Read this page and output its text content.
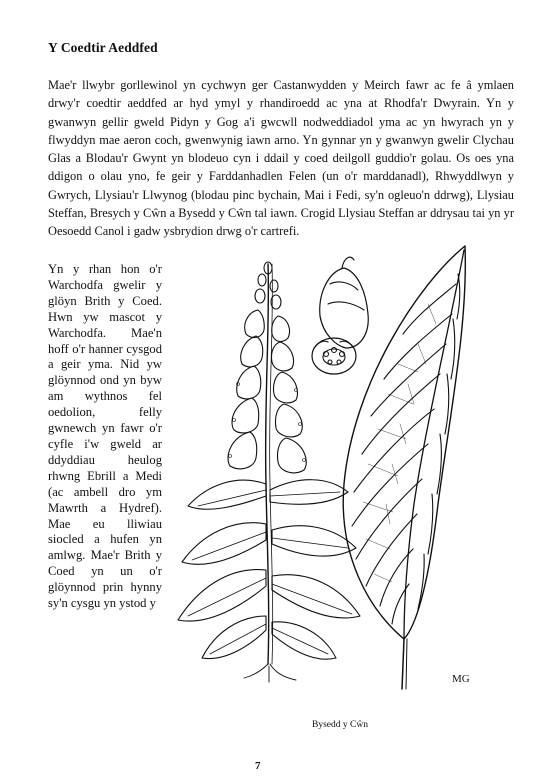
Y Coedtir Aeddfed

Mae'r llwybr gorllewinol yn cychwyn ger Castanwydden y Meirch fawr ac fe â ymlaen drwy'r coedtir aeddfed ar hyd ymyl y rhandiroedd ac yna at Rhodfa'r Dwyrain. Yn y gwanwyn gellir gweld Pidyn y Gog a'i gwcwll nodweddiadol yma ac yn hwyrach yn y flwyddyn mae aeron coch, gwenwynig iawn arno. Yn gynnar yn y gwanwyn gwelir Clychau Glas a Blodau'r Gwynt yn blodeuo cyn i ddail y coed deilgoll guddio'r golau. Os oes yna ddigon o olau yno, fe geir y Farddanhadlen Felen (un o'r marddanadl), Rhwyddlwyn y Gwrych, Llysiau'r Llwynog (blodau pinc bychain, Mai i Fedi, sy'n ogleuo'n ddrwg), Llysiau Steffan, Bresych y Cŵn a Bysedd y Cŵn tal iawn. Crogid Llysiau Steffan ar ddrysau tai yn yr Oesoedd Canol i gadw ysbrydion drwg o'r cartrefi.

Yn y rhan hon o'r Warchodfa gwelir y glöyn Brith y Coed. Hwn yw mascot y Warchodfa. Mae'n hoff o'r hanner cysgod a geir yma. Nid yw glöynnod ond yn byw am wythnos fel oedolion, felly gwnewch yn fawr o'r cyfle i'w gweld ar ddyddiau heulog rhwng Ebrill a Medi (ac ambell dro ym Mawrth a Hydref). Mae eu lliwiau siocled a hufen yn amlwg. Mae'r Brith y Coed yn un o'r glöynnod prin hynny sy'n cysgu yn ystod y

MG
Bysedd y Cŵn
7
